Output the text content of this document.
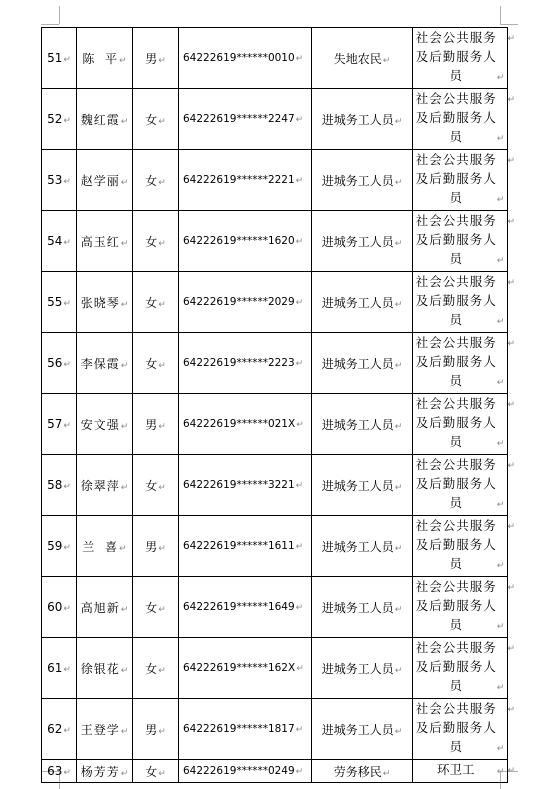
51↵	陈  平↵	男↵	64222619******0010↵	失地农民↵	社会公共服务及后勤服务人员 ↵
↵

52↵	魏红霞↵	女↵	64222619******2247↵	进城务工人员↵	社会公共服务及后勤服务人员 ↵
↵

53↵	赵学丽↵	女↵	64222619******2221↵	进城务工人员↵	社会公共服务及后勤服务人员 ↵
↵

54↵	高玉红↵	女↵	64222619******1620↵	进城务工人员↵	社会公共服务及后勤服务人员 ↵
↵

55↵	张晓琴↵	女↵	64222619******2029↵	进城务工人员↵	社会公共服务及后勤服务人员 ↵
↵

56↵	李保霞↵	女↵	64222619******2223↵	进城务工人员↵	社会公共服务及后勤服务人员 ↵
↵

57↵	安文强↵	男↵	64222619******021X↵	进城务工人员↵	社会公共服务及后勤服务人员 ↵
↵

58↵	徐翠萍↵	女↵	64222619******3221↵	进城务工人员↵	社会公共服务及后勤服务人员 ↵
↵

59↵	兰  喜↵	男↵	64222619******1611↵	进城务工人员↵	社会公共服务及后勤服务人员 ↵
↵

60↵	高旭新↵	女↵	64222619******1649↵	进城务工人员↵	社会公共服务及后勤服务人员 ↵
↵

61↵	徐银花↵	女↵	64222619******162X↵	进城务工人员↵	社会公共服务及后勤服务人员 ↵
↵

62↵	王登学↵	男↵	64222619******1817↵	进城务工人员↵	社会公共服务及后勤服务人员 ↵
↵

63↵	杨芳芳↵	女↵	64222619******0249↵	劳务移民↵	环卫工 ↵ ↵
